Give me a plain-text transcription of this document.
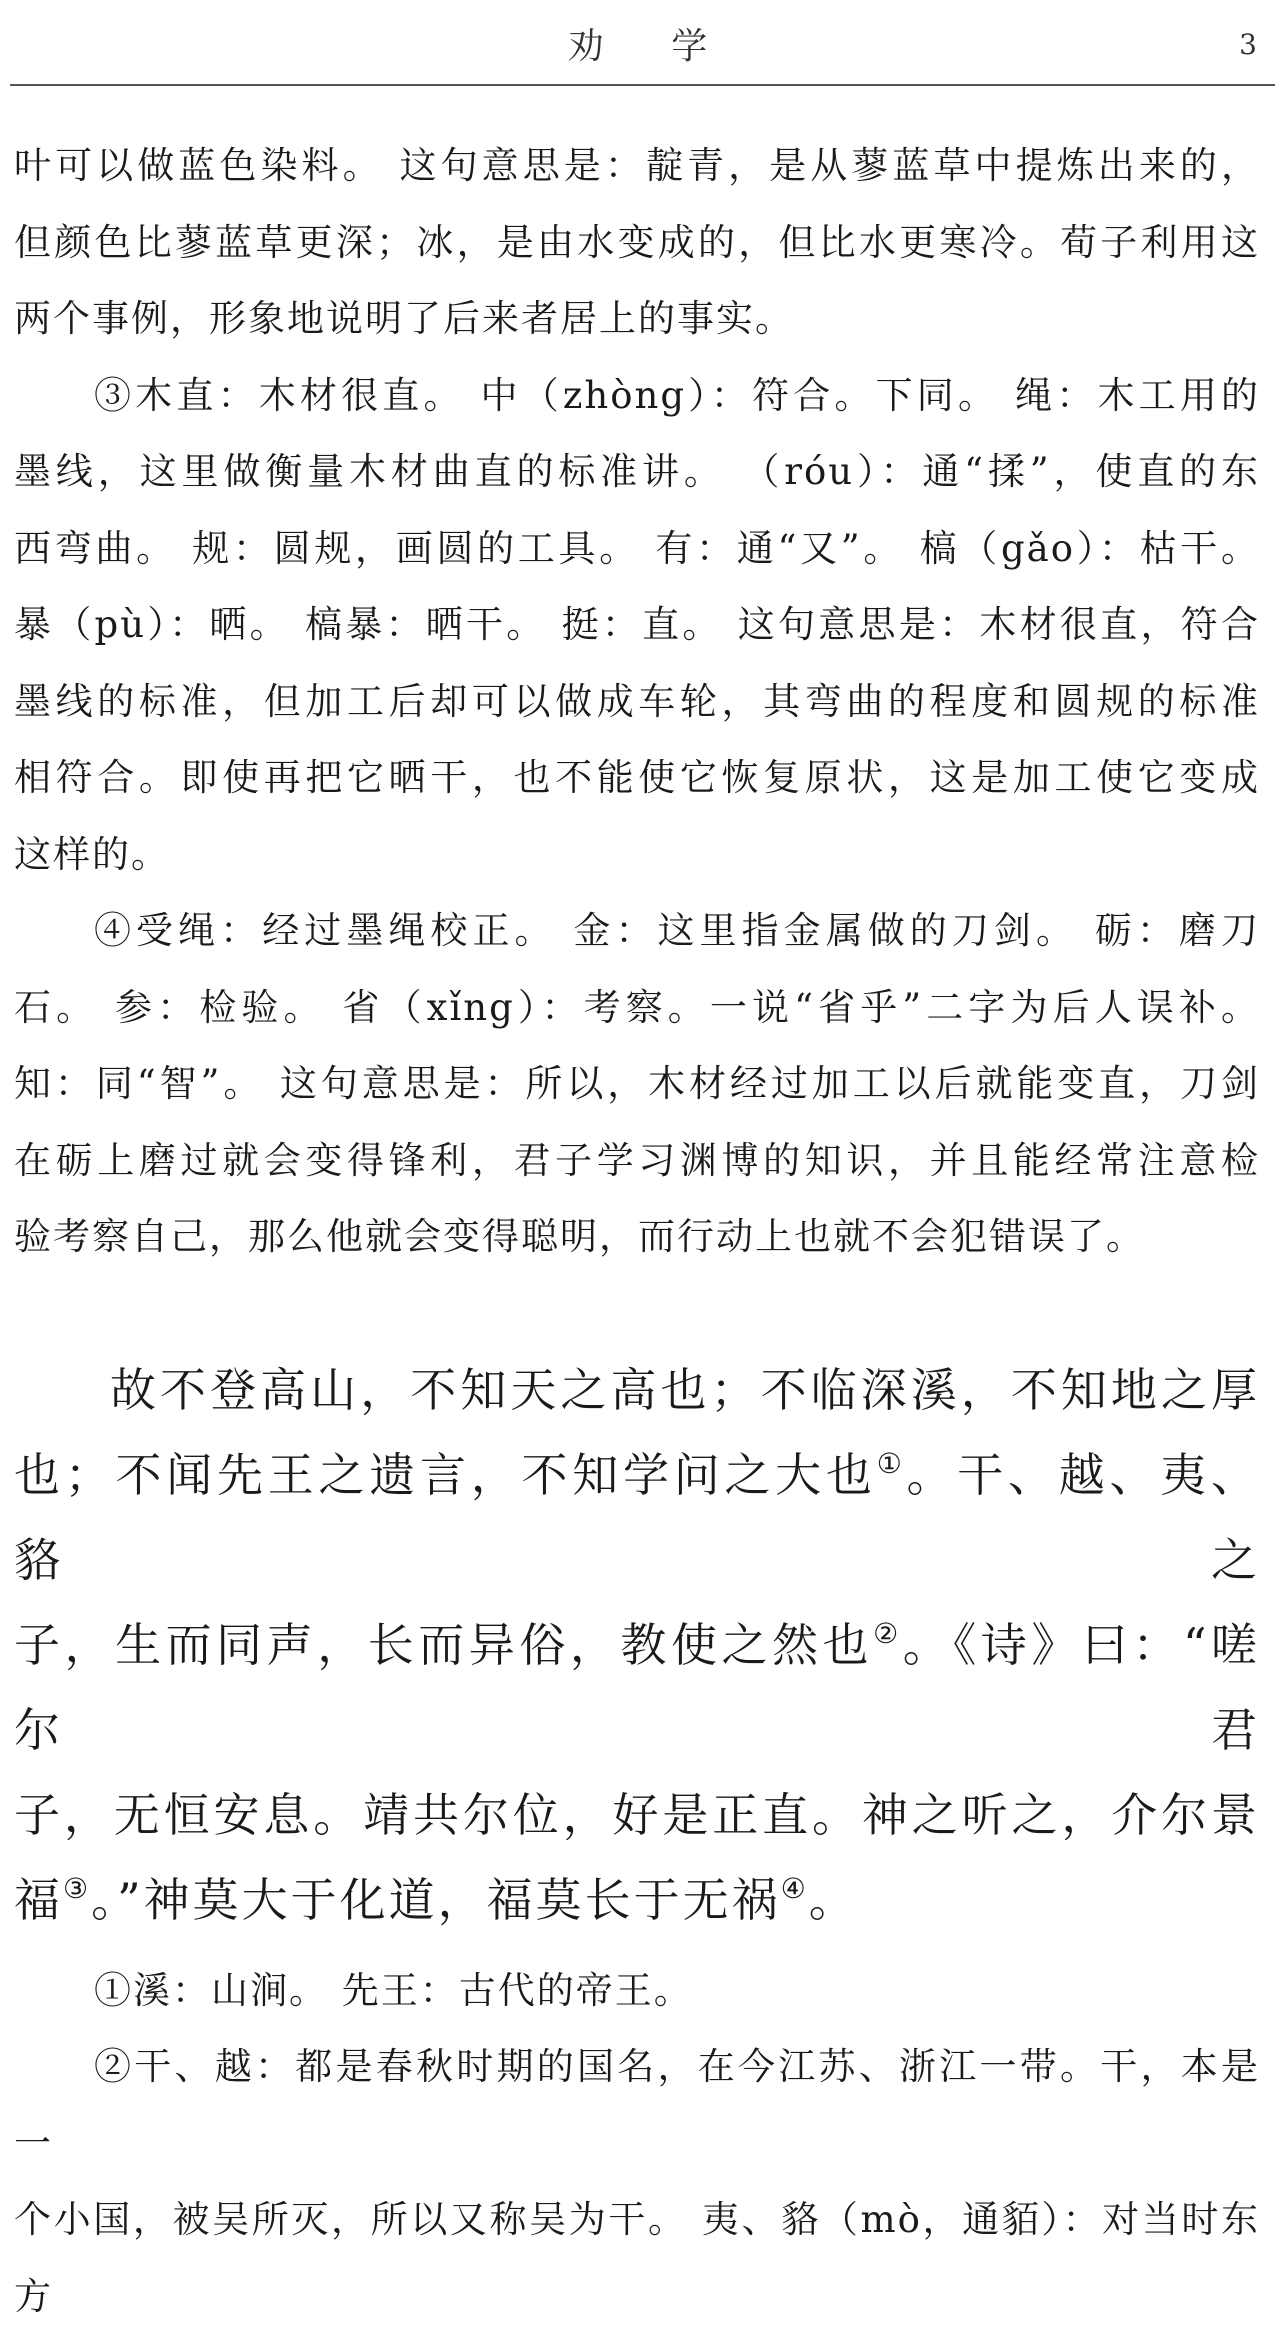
劝 学	3

叶可以做蓝色染料。 这句意思是：靛青，是从蓼蓝草中提炼出来的，

但颜色比蓼蓝草更深；冰，是由水变成的，但比水更寒冷。荀子利用这

两个事例，形象地说明了后来者居上的事实。

③木直：木材很直。 中（zhòng）：符合。下同。 绳：木工用的

墨线，这里做衡量木材曲直的标准讲。 （róu）：通“揉”，使直的东

西弯曲。 规：圆规，画圆的工具。 有：通“又”。 槁（gǎo）：枯干。

暴（pù）：晒。 槁暴：晒干。 挺：直。 这句意思是：木材很直，符合

墨线的标准，但加工后却可以做成车轮，其弯曲的程度和圆规的标准

相符合。即使再把它晒干，也不能使它恢复原状，这是加工使它变成

这样的。

④受绳：经过墨绳校正。 金：这里指金属做的刀剑。 砺：磨刀

石。 参：检验。 省（xǐng）：考察。一说“省乎”二字为后人误补。

知：同“智”。 这句意思是：所以，木材经过加工以后就能变直，刀剑

在砺上磨过就会变得锋利，君子学习渊博的知识，并且能经常注意检

验考察自己，那么他就会变得聪明，而行动上也就不会犯错误了。

故不登高山，不知天之高也；不临深溪，不知地之厚

也；不闻先王之遗言，不知学问之大也①。干、越、夷、貉之

子，生而同声，长而异俗，教使之然也②。《诗》曰：“嗟尔君

子，无恒安息。靖共尔位，好是正直。神之听之，介尔景

福③。”神莫大于化道，福莫长于无祸④。

①溪：山涧。 先王：古代的帝王。

②干、越：都是春秋时期的国名，在今江苏、浙江一带。干，本是一

个小国，被吴所灭，所以又称吴为干。 夷、貉（mò，通貊）：对当时东方
